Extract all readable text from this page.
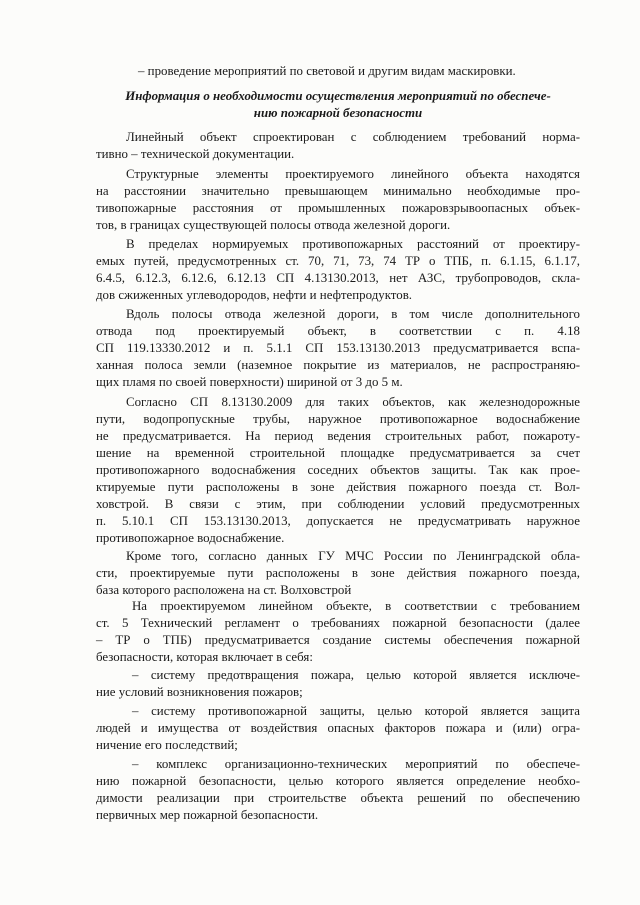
– проведение мероприятий по световой и другим видам маскировки.
Информация о необходимости осуществления мероприятий по обеспече-
нию пожарной безопасности
Линейный объект спроектирован с соблюдением требований норма-
тивно – технической документации.
Структурные элементы проектируемого линейного объекта находятся
на расстоянии значительно превышающем минимально необходимые про-
тивопожарные расстояния от промышленных пожаровзрывоопасных объек-
тов, в границах существующей полосы отвода железной дороги.
В пределах нормируемых противопожарных расстояний от проектиру-
емых путей, предусмотренных ст. 70, 71, 73, 74 ТР о ТПБ, п. 6.1.15, 6.1.17,
6.4.5, 6.12.3, 6.12.6, 6.12.13 СП 4.13130.2013, нет АЗС, трубопроводов, скла-
дов сжиженных углеводородов, нефти и нефтепродуктов.
Вдоль полосы отвода железной дороги, в том числе дополнительного
отвода под проектируемый объект, в соответствии с п. 4.18
СП 119.13330.2012 и п. 5.1.1 СП 153.13130.2013 предусматривается вспа-
ханная полоса земли (наземное покрытие из материалов, не распространяю-
щих пламя по своей поверхности) шириной от 3 до 5 м.
Согласно СП 8.13130.2009 для таких объектов, как железнодорожные
пути, водопропускные трубы, наружное противопожарное водоснабжение
не предусматривается. На период ведения строительных работ, пожароту-
шение на временной строительной площадке предусматривается за счет
противопожарного водоснабжения соседних объектов защиты. Так как прое-
ктируемые пути расположены в зоне действия пожарного поезда ст. Вол-
ховстрой. В связи с этим, при соблюдении условий предусмотренных
п. 5.10.1 СП 153.13130.2013, допускается не предусматривать наружное
противопожарное водоснабжение.
Кроме того, согласно данных ГУ МЧС России по Ленинградской обла-
сти, проектируемые пути расположены в зоне действия пожарного поезда,
база которого расположена на ст. Волховстрой
На проектируемом линейном объекте, в соответствии с требованием
ст. 5 Технический регламент о требованиях пожарной безопасности (далее
– ТР о ТПБ) предусматривается создание системы обеспечения пожарной
безопасности, которая включает в себя:
– систему предотвращения пожара, целью которой является исключе-
ние условий возникновения пожаров;
– систему противопожарной защиты, целью которой является защита
людей и имущества от воздействия опасных факторов пожара и (или) огра-
ничение его последствий;
– комплекс организационно-технических мероприятий по обеспече-
нию пожарной безопасности, целью которого является определение необхо-
димости реализации при строительстве объекта решений по обеспечению
первичных мер пожарной безопасности.
